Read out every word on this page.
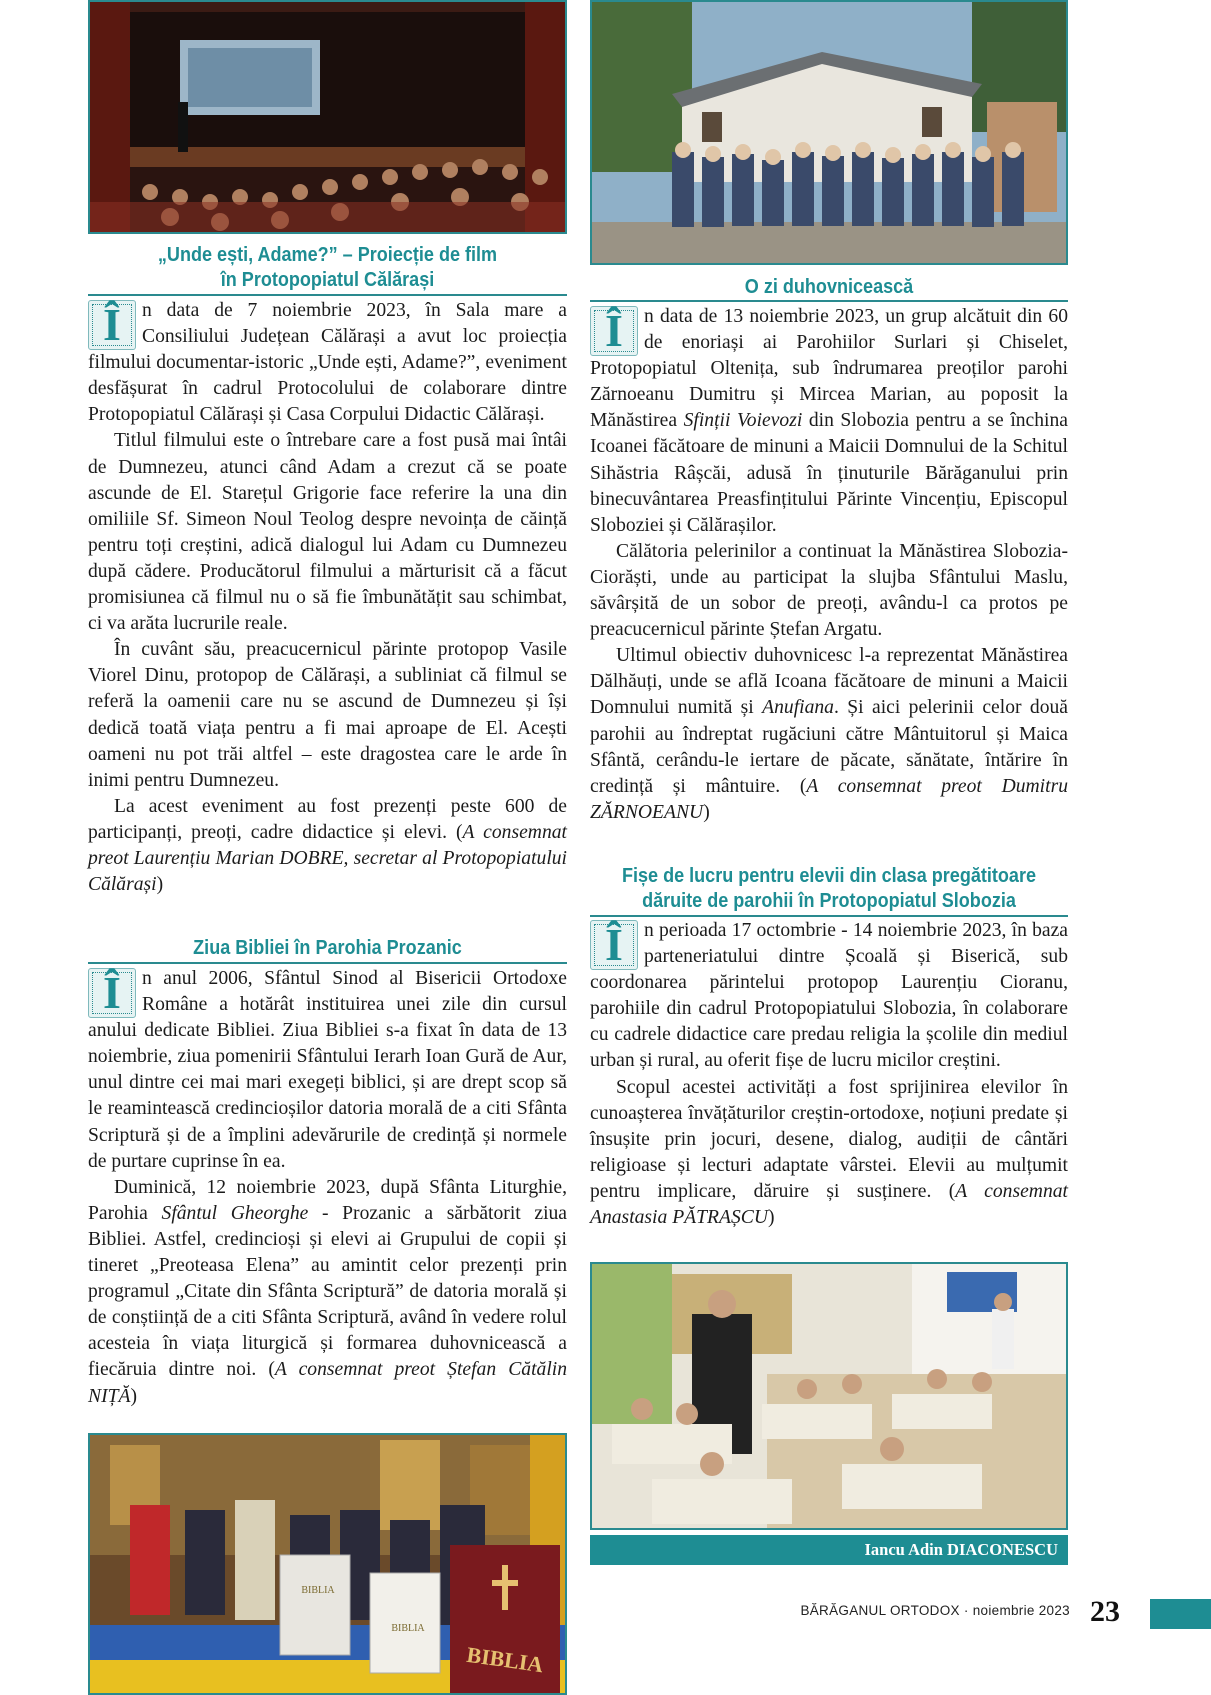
BIBLIA
BIBLIA
BIBLIA
„Unde ești, Adame?” – Proiecție de film
în Protopopiatul Călărași

Î	n data de 7 noiembrie 2023, în Sala mare a Consiliului Județean Călărași a avut loc proiecția filmului documentar-istoric „Unde ești, Adame?”, eveniment desfășurat în cadrul Protocolului de colaborare dintre Protopopiatul Călărași și Casa Corpului Didactic Călărași.

Titlul filmului este o întrebare care a fost pusă mai întâi de Dumnezeu, atunci când Adam a crezut că se poate ascunde de El. Starețul Grigorie face referire la una din omiliile Sf. Simeon Noul Teolog despre nevoința de căință pentru toți creștini, adică dialogul lui Adam cu Dumnezeu după cădere. Producătorul filmului a mărturisit că a făcut promisiunea că filmul nu o să fie îmbunătățit sau schimbat, ci va arăta lucrurile reale.

În cuvânt său, preacucernicul părinte protopop Vasile Viorel Dinu, protopop de Călărași, a subliniat că filmul se referă la oamenii care nu se ascund de Dumnezeu și își dedică toată viața pentru a fi mai aproape de El. Acești oameni nu pot trăi altfel – este dragostea care le arde în inimi pentru Dumnezeu.

La acest eveniment au fost prezenți peste 600 de participanți, preoți, cadre didactice și elevi. (A consemnat preot Laurențiu Marian DOBRE, secretar al Protopopiatului Călărași)

Ziua Bibliei în Parohia Prozanic

Î	n anul 2006, Sfântul Sinod al Bisericii Ortodoxe Române a hotărât instituirea unei zile din cursul anului dedicate Bibliei. Ziua Bibliei s-a fixat în data de 13 noiembrie, ziua pomenirii Sfântului Ierarh Ioan Gură de Aur, unul dintre cei mai mari exegeți biblici, și are drept scop să le reamintească credincioșilor datoria morală de a citi Sfânta Scriptură și de a împlini adevărurile de credință și normele de purtare cuprinse în ea.

Duminică, 12 noiembrie 2023, după Sfânta Liturghie, Parohia Sfântul Gheorghe - Prozanic a sărbătorit ziua Bibliei. Astfel, credincioși și elevi ai Grupului de copii și tineret „Preoteasa Elena” au amintit celor prezenți prin programul „Citate din Sfânta Scriptură” de datoria morală și de conștiință de a citi Sfânta Scriptură, având în vedere rolul acesteia în viața liturgică și formarea duhovnicească a fiecăruia dintre noi. (A consemnat preot Ștefan Cătălin NIȚĂ)

O zi duhovnicească

Î	n data de 13 noiembrie 2023, un grup alcătuit din 60 de enoriași ai Parohiilor Surlari și Chiselet, Protopopiatul Oltenița, sub îndrumarea preoților parohi Zărnoeanu Dumitru și Mircea Marian, au poposit la Mănăstirea Sfinții Voievozi din Slobozia pentru a se închina Icoanei făcătoare de minuni a Maicii Domnului de la Schitul Sihăstria Râșcăi, adusă în ținuturile Bărăganului prin binecuvântarea Preasfințitului Părinte Vincențiu, Episcopul Sloboziei și Călărașilor.

Călătoria pelerinilor a continuat la Mănăstirea Slobozia-Ciorăști, unde au participat la slujba Sfântului Maslu, săvârșită de un sobor de preoți, avându-l ca protos pe preacucernicul părinte Ștefan Argatu.

Ultimul obiectiv duhovnicesc l-a reprezentat Mănăstirea Dălhăuți, unde se află Icoana făcătoare de minuni a Maicii Domnului numită și Anufiana. Și aici pelerinii celor două parohii au îndreptat rugăciuni către Mântuitorul și Maica Sfântă, cerându-le iertare de păcate, sănătate, întărire în credință și mântuire. (A consemnat preot Dumitru ZĂRNOEANU)

Fișe de lucru pentru elevii din clasa pregătitoare
dăruite de parohii în Protopopiatul Slobozia

Î	n perioada 17 octombrie - 14 noiembrie 2023, în baza parteneriatului dintre Școală și Biserică, sub coordonarea părintelui protopop Laurențiu Cioranu, parohiile din cadrul Protopopiatului Slobozia, în colaborare cu cadrele didactice care predau religia la școlile din mediul urban și rural, au oferit fișe de lucru micilor creștini.

Scopul acestei activități a fost sprijinirea elevilor în cunoașterea învățăturilor creștin-ortodoxe, noțiuni predate și însușite prin jocuri, desene, dialog, audiții de cântări religioase și lecturi adaptate vârstei. Elevii au mulțumit pentru implicare, dăruire și susținere. (A consemnat Anastasia PĂTRAȘCU)

Iancu Adin DIACONESCU
BĂRĂGANUL ORTODOX · noiembrie 2023 23
